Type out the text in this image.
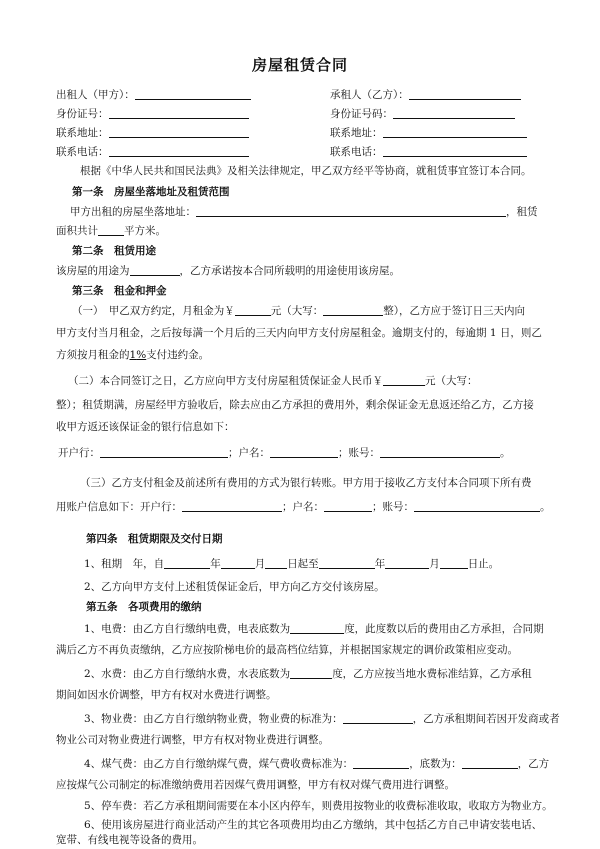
房屋租赁合同
出租人（甲方）：	承租人（乙方）：
身份证号：	身份证号码：
联系地址：	联系地址：
联系电话：	联系电话：
根据《中华人民共和国民法典》及相关法律规定，甲乙双方经平等协商，就租赁事宜签订本合同。
第一条　房屋坐落地址及租赁范围
甲方出租的房屋坐落地址：	，租赁
面积共计 平方米。
第二条　租赁用途
该房屋的用途为	，乙方承诺按本合同所载明的用途使用该房屋。
第三条　租金和押金
（一）　甲乙双方约定，月租金为￥	元（大写：	整），乙方应于签订日三天内向
甲方支付当月租金，之后按每满一个月后的三天内向甲方支付房屋租金。逾期支付的，每逾期 1 日，则乙
方须按月租金的1%支付违约金。
（二）本合同签订之日，乙方应向甲方支付房屋租赁保证金人民币￥	元（大写：
整）；租赁期满，房屋经甲方验收后，除去应由乙方承担的费用外，剩余保证金无息返还给乙方，乙方接
收甲方返还该保证金的银行信息如下：
开户行：	；户名：	；账号：	。
（三）乙方支付租金及前述所有费用的方式为银行转账。甲方用于接收乙方支付本合同项下所有费
用账户信息如下：开户行：	；户名：	；账号：	。
第四条　租赁期限及交付日期
1、租期　年，自	年	月 日起至	年	月	日止。
2、乙方向甲方支付上述租赁保证金后，甲方向乙方交付该房屋。
第五条　各项费用的缴纳
1、电费：由乙方自行缴纳电费，电表底数为	度，此度数以后的费用由乙方承担，合同期
满后乙方不再负责缴纳，乙方应按阶梯电价的最高档位结算，并根据国家规定的调价政策相应变动。
2、水费：由乙方自行缴纳水费，水表底数为	度，乙方应按当地水费标准结算，乙方承租
期间如因水价调整，甲方有权对水费进行调整。
3、物业费：由乙方自行缴纳物业费，物业费的标准为：	，乙方承租期间若因开发商或者
物业公司对物业费进行调整，甲方有权对物业费进行调整。
4、煤气费：由乙方自行缴纳煤气费，煤气费收费标准为：	，底数为：	，乙方
应按煤气公司制定的标准缴纳费用若因煤气费用调整，甲方有权对煤气费用进行调整。
5、停车费：若乙方承租期间需要在本小区内停车，则费用按物业的收费标准收取，收取方为物业方。
6、使用该房屋进行商业活动产生的其它各项费用均由乙方缴纳，其中包括乙方自己申请安装电话、
宽带、有线电视等设备的费用。
